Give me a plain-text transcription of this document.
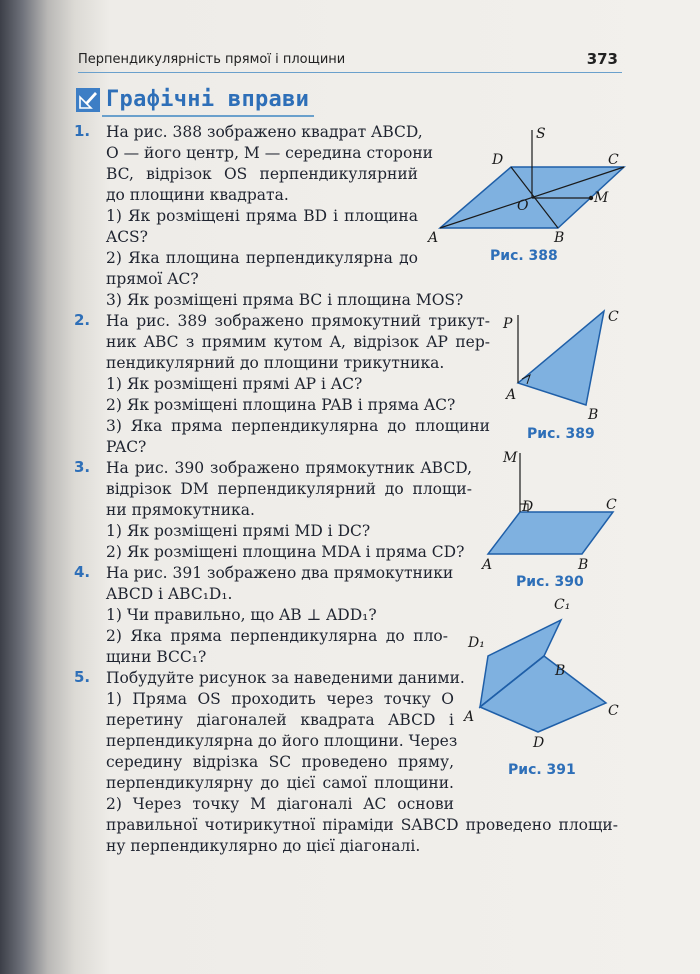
Перпендикулярність прямої і площини	373
Графічні вправи
1. На рис. 388 зображено квадрат ABCD,
O — його центр, M — середина сторони
BC, відрізок OS перпендикулярний
до площини квадрата.
1) Як розміщені пряма BD і площина
ACS?
2) Яка площина перпендикулярна до
прямої AC?
3) Як розміщені пряма BC і площина MOS?
2. На рис. 389 зображено прямокутний трикут-
ник ABC з прямим кутом A, відрізок AP пер-
пендикулярний до площини трикутника.
1) Як розміщені прямі AP і AC?
2) Як розміщені площина PAB і пряма AC?
3) Яка пряма перпендикулярна до площини
PAC?
3. На рис. 390 зображено прямокутник ABCD,
відрізок DM перпендикулярний до площи-
ни прямокутника.
1) Як розміщені прямі MD і DC?
2) Як розміщені площина MDA і пряма CD?
4. На рис. 391 зображено два прямокутники
ABCD і ABC₁D₁.
1) Чи правильно, що AB ⊥ ADD₁?
2) Яка пряма перпендикулярна до пло-
щини BCC₁?
5. Побудуйте рисунок за наведеними даними.
1) Пряма OS проходить через точку O
перетину діагоналей квадрата ABCD і
перпендикулярна до його площини. Через
середину відрізка SC проведено пряму,
перпендикулярну до цієї самої площини.
2) Через точку M діагоналі AC основи
правильної чотирикутної піраміди SABCD проведено площи-
ну перпендикулярно до цієї діагоналі.
S
D	C
M
O
A	B
Рис. 388
P	C
A
B
Рис. 389
M
D	C
A	B
Рис. 390
C₁
D₁
B
A	C
D
Рис. 391
